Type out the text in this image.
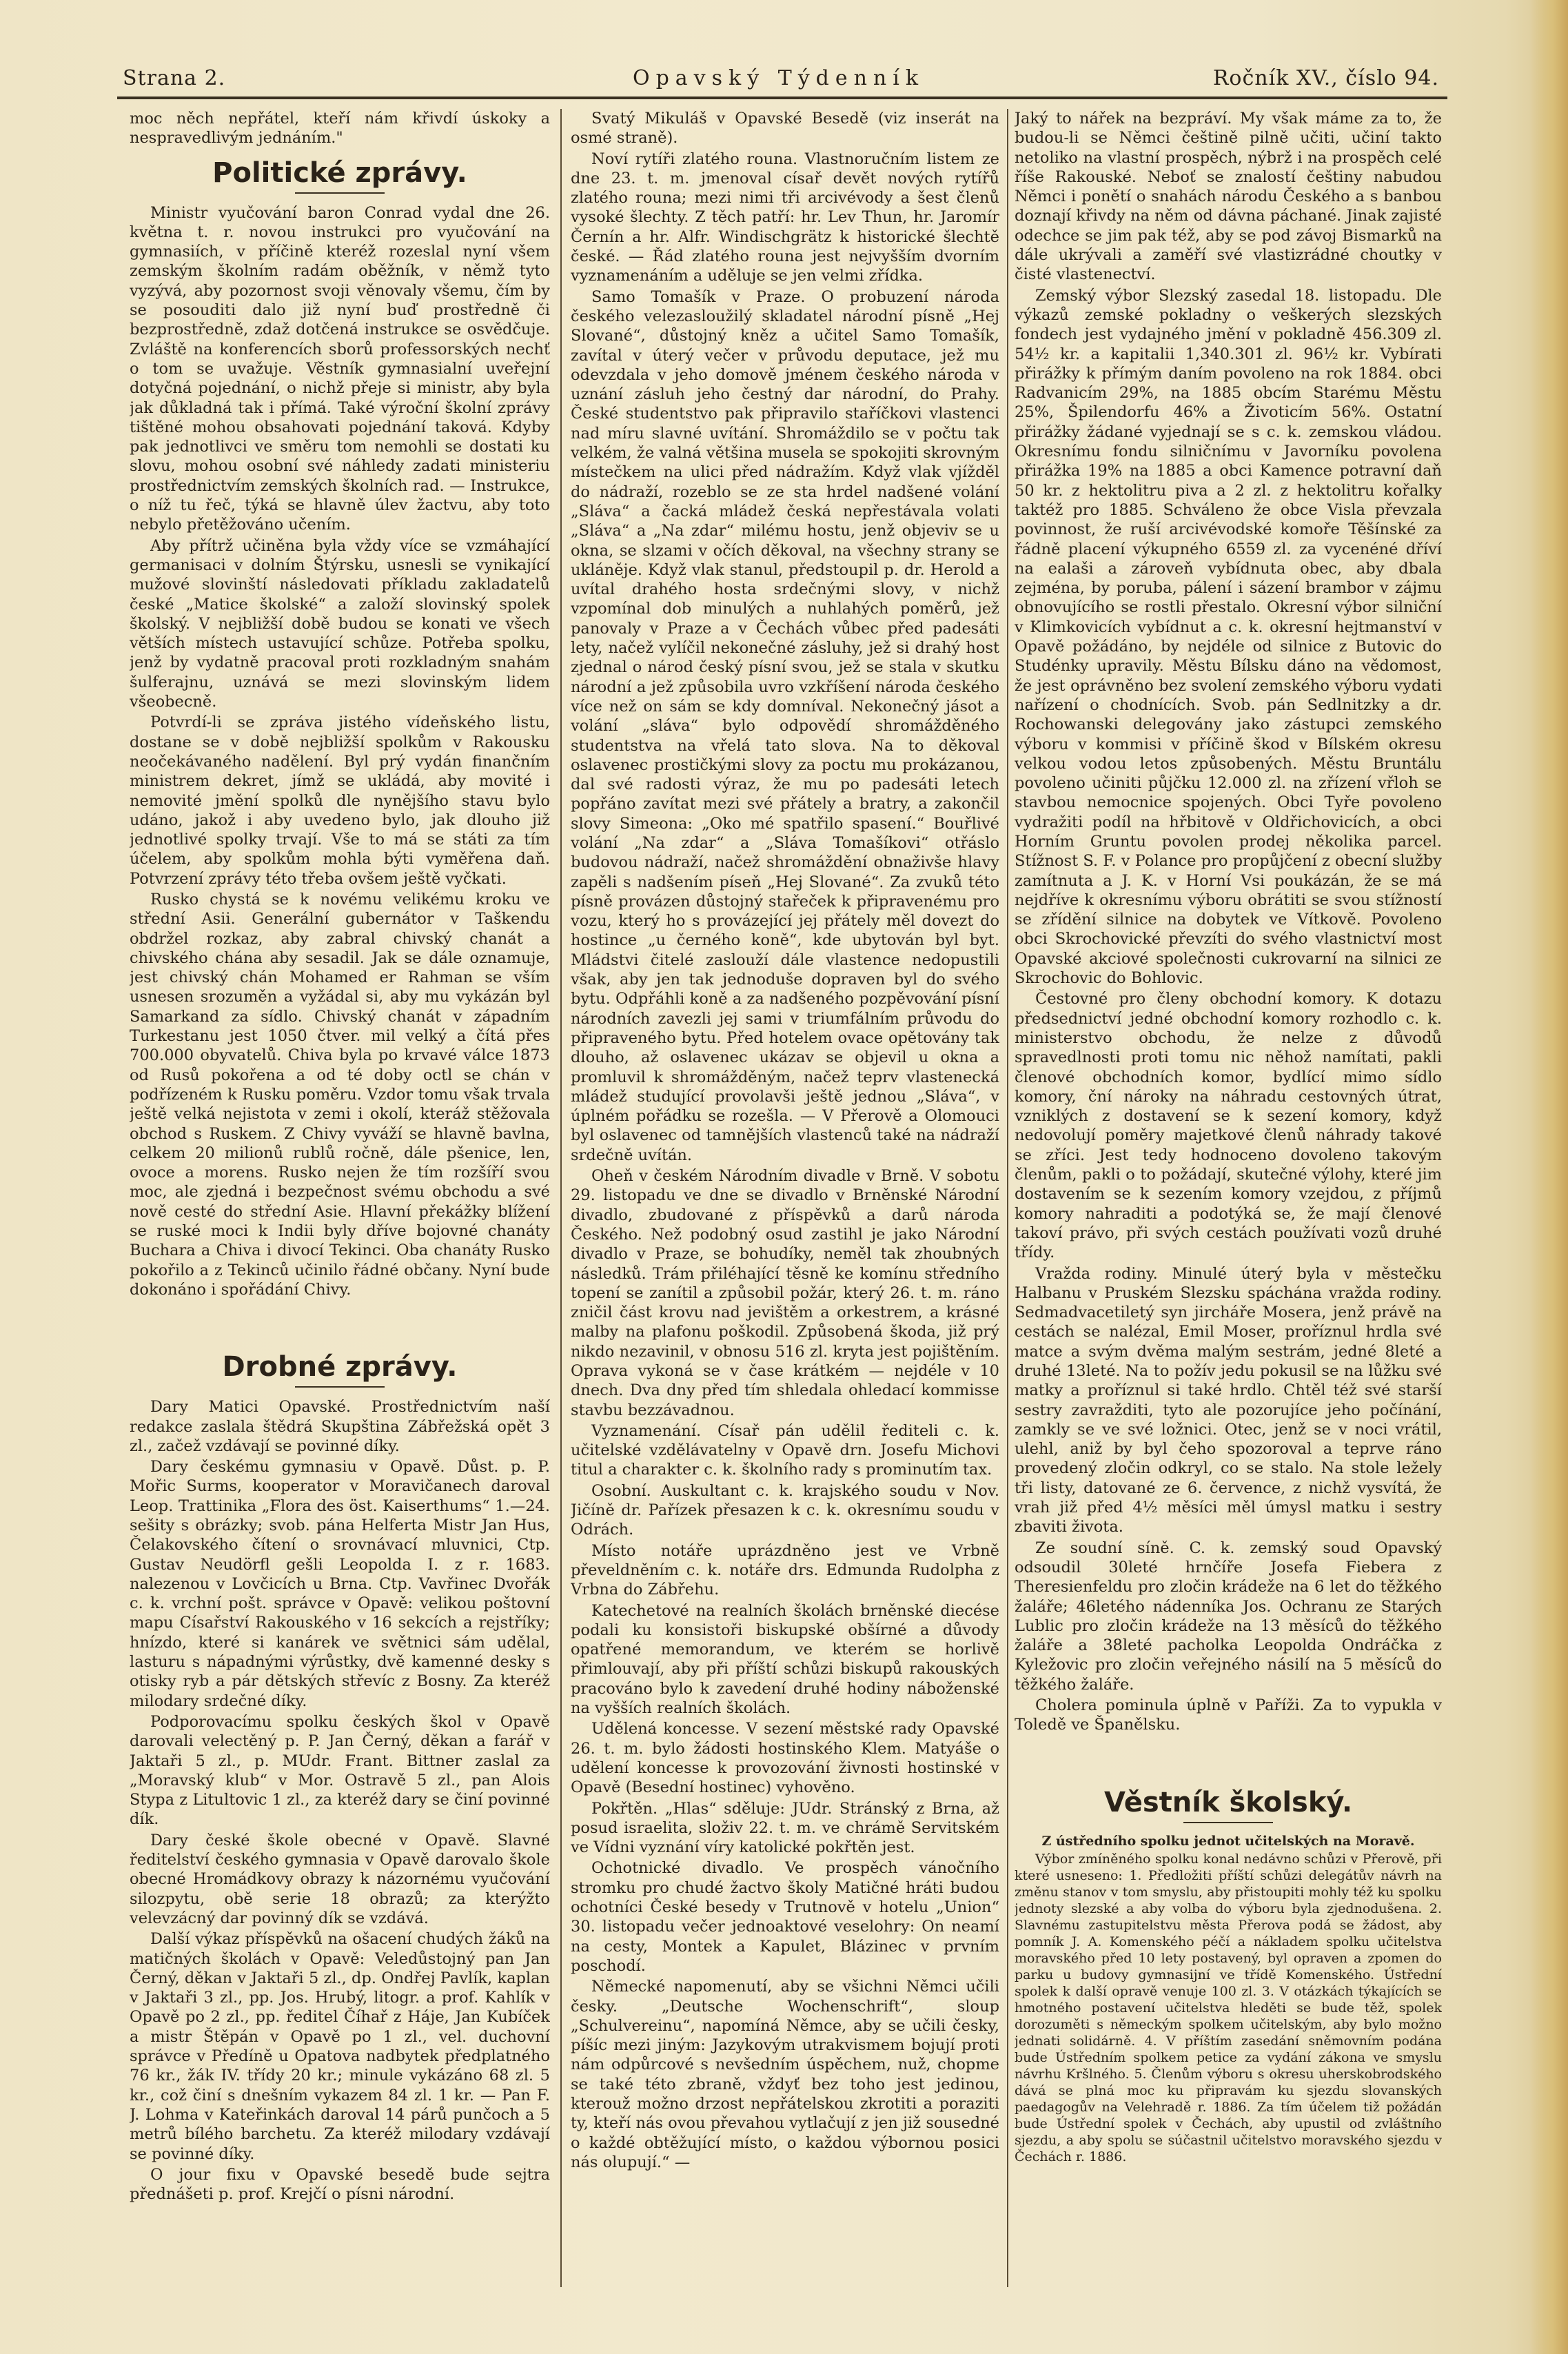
Strana 2.	Opavský Týdenník	Ročník XV., číslo 94.

moc něch nepřátel, kteří nám křivdí úskoky a nespravedlivým jednáním."

Politické zprávy.

Ministr vyučování baron Conrad vydal dne 26. května t. r. novou instrukci pro vyučování na gymnasiích, v příčině kteréž rozeslal nyní všem zemským školním radám oběžník, v němž tyto vyzývá, aby pozornost svoji věnovaly všemu, čím by se posouditi dalo již nyní buď prostředně či bezprostředně, zdaž dotčená instrukce se osvědčuje. Zvláště na konferencích sborů professorských nechť o tom se uvažuje. Věstník gymnasialní uveřejní dotyčná pojednání, o nichž přeje si ministr, aby byla jak důkladná tak i přímá. Také výroční školní zprávy tištěné mohou obsahovati pojednání taková. Kdyby pak jednotlivci ve směru tom nemohli se dostati ku slovu, mohou osobní své náhledy zadati ministeriu prostřednictvím zemských školních rad. — Instrukce, o níž tu řeč, týká se hlavně úlev žactvu, aby toto nebylo přetěžováno učením.

Aby přítrž učiněna byla vždy více se vzmáhající germanisaci v dolním Štýrsku, usnesli se vynikající mužové slovinští následovati příkladu zakladatelů české „Matice školské“ a založí slovinský spolek školský. V nejbližší době budou se konati ve všech větších místech ustavující schůze. Potřeba spolku, jenž by vydatně pracoval proti rozkladným snahám šulferajnu, uznává se mezi slovinským lidem všeobecně.

Potvrdí-li se zpráva jistého vídeňského listu, dostane se v době nejbližší spolkům v Rakousku neočekávaného nadělení. Byl prý vydán finančním ministrem dekret, jímž se ukládá, aby movité i nemovité jmění spolků dle nynějšího stavu bylo udáno, jakož i aby uvedeno bylo, jak dlouho již jednotlivé spolky trvají. Vše to má se státi za tím účelem, aby spolkům mohla býti vyměřena daň. Potvrzení zprávy této třeba ovšem ještě vyčkati.

Rusko chystá se k novému velikému kroku ve střední Asii. Generální gubernátor v Taškendu obdržel rozkaz, aby zabral chivský chanát a chivského chána aby sesadil. Jak se dále oznamuje, jest chivský chán Mohamed er Rahman se vším usnesen srozuměn a vyžádal si, aby mu vykázán byl Samarkand za sídlo. Chivský chanát v západním Turkestanu jest 1050 čtver. mil velký a čítá přes 700.000 obyvatelů. Chiva byla po krvavé válce 1873 od Rusů pokořena a od té doby octl se chán v podřízeném k Rusku poměru. Vzdor tomu však trvala ještě velká nejistota v zemi i okolí, kteráž stěžovala obchod s Ruskem. Z Chivy vyváží se hlavně bavlna, celkem 20 milionů rublů ročně, dále pšenice, len, ovoce a morens. Rusko nejen že tím rozšíří svou moc, ale zjedná i bezpečnost svému obchodu a své nově cesté do střední Asie. Hlavní překážky blížení se ruské moci k Indii byly dříve bojovné chanáty Buchara a Chiva i divocí Tekinci. Oba chanáty Rusko pokořilo a z Tekinců učinilo řádné občany. Nyní bude dokonáno i spořádání Chivy.

Drobné zprávy.

Dary Matici Opavské. Prostřednictvím naší redakce zaslala štědrá Skupština Zábřežská opět 3 zl., začež vzdávají se povinné díky.

Dary českému gymnasiu v Opavě. Důst. p. P. Mořic Surms, kooperator v Moravičanech daroval Leop. Trattinika „Flora des öst. Kaiserthums“ 1.—24. sešity s obrázky; svob. pána Helferta Mistr Jan Hus, Čelakovského čítení o srovnávací mluvnici, Ctp. Gustav Neudörfl gešli Leopolda I. z r. 1683. nalezenou v Lovčicích u Brna. Ctp. Vavřinec Dvořák c. k. vrchní pošt. správce v Opavě: velikou poštovní mapu Císařství Rakouského v 16 sekcích a rejstříky; hnízdo, které si kanárek ve světnici sám udělal, lasturu s nápadnými výrůstky, dvě kamenné desky s otisky ryb a pár dětských střevíc z Bosny. Za kteréž milodary srdečné díky.

Podporovacímu spolku českých škol v Opavě darovali velectěný p. P. Jan Černý, děkan a farář v Jaktaři 5 zl., p. MUdr. Frant. Bittner zaslal za „Moravský klub“ v Mor. Ostravě 5 zl., pan Alois Stypa z Litultovic 1 zl., za kteréž dary se činí povinné dík.

Dary české škole obecné v Opavě. Slavné ředitelství českého gymnasia v Opavě darovalo škole obecné Hromádkovy obrazy k názornému vyučování silozpytu, obě serie 18 obrazů; za kterýžto velevzácný dar povinný dík se vzdává.

Další výkaz příspěvků na ošacení chudých žáků na matičných školách v Opavě: Veledůstojný pan Jan Černý, děkan v Jaktaři 5 zl., dp. Ondřej Pavlík, kaplan v Jaktaři 3 zl., pp. Jos. Hrubý, litogr. a prof. Kahlík v Opavě po 2 zl., pp. ředitel Číhař z Háje, Jan Kubíček a mistr Štěpán v Opavě po 1 zl., vel. duchovní správce v Předíně u Opatova nadbytek předplatného 76 kr., žák IV. třídy 20 kr.; minule vykázáno 68 zl. 5 kr., což činí s dnešním vykazem 84 zl. 1 kr. — Pan F. J. Lohma v Kateřinkách daroval 14 párů punčoch a 5 metrů bílého barchetu. Za kteréž milodary vzdávají se povinné díky.

O jour fixu v Opavské besedě bude sejtra přednášeti p. prof. Krejčí o písni národní.

Svatý Mikuláš v Opavské Besedě (viz inserát na osmé straně).

Noví rytíři zlatého rouna. Vlastnoručním listem ze dne 23. t. m. jmenoval císař devět nových rytířů zlatého rouna; mezi nimi tři arcivévody a šest členů vysoké šlechty. Z těch patří: hr. Lev Thun, hr. Jaromír Černín a hr. Alfr. Windischgrätz k historické šlechtě české. — Řád zlatého rouna jest nejvyšším dvorním vyznamenáním a uděluje se jen velmi zřídka.

Samo Tomašík v Praze. O probuzení národa českého velezasloužilý skladatel národní písně „Hej Slované“, důstojný kněz a učitel Samo Tomašík, zavítal v úterý večer v průvodu deputace, jež mu odevzdala v jeho domově jménem českého národa v uznání zásluh jeho čestný dar národní, do Prahy. České studentstvo pak připravilo staříčkovi vlastenci nad míru slavné uvítání. Shromáždilo se v počtu tak velkém, že valná většina musela se spokojiti skrovným místečkem na ulici před nádražím. Když vlak vjížděl do nádraží, rozeblo se ze sta hrdel nadšené volání „Sláva“ a čacká mládež česká nepřestávala volati „Sláva“ a „Na zdar“ milému hostu, jenž objeviv se u okna, se slzami v očích děkoval, na všechny strany se ukláněje. Když vlak stanul, předstoupil p. dr. Herold a uvítal drahého hosta srdečnými slovy, v nichž vzpomínal dob minulých a nuhlahých poměrů, jež panovaly v Praze a v Čechách vůbec před padesáti lety, načež vylíčil nekonečné zásluhy, jež si drahý host zjednal o národ český písní svou, jež se stala v skutku národní a jež způsobila uvro vzkříšení národa českého více než on sám se kdy domníval. Nekonečný jásot a volání „sláva“ bylo odpovědí shromážděného studentstva na vřelá tato slova. Na to děkoval oslavenec prostičkými slovy za poctu mu prokázanou, dal své radosti výraz, že mu po padesáti letech popřáno zavítat mezi své přátely a bratry, a zakončil slovy Simeona: „Oko mé spatřilo spasení.“ Bouřlivé volání „Na zdar“ a „Sláva Tomašíkovi“ otřáslo budovou nádraží, načež shromáždění obnaživše hlavy zapěli s nadšením píseň „Hej Slované“. Za zvuků této písně provázen důstojný stařeček k připravenému pro vozu, který ho s provázející jej přátely měl dovezt do hostince „u černého koně“, kde ubytován byl byt. Mládstvi čitelé zaslouží dále vlastence nedopustili však, aby jen tak jednoduše dopraven byl do svého bytu. Odpřáhli koně a za nadšeného pozpěvování písní národních zavezli jej sami v triumfálním průvodu do připraveného bytu. Před hotelem ovace opětovány tak dlouho, až oslavenec ukázav se objevil u okna a promluvil k shromážděným, načež teprv vlastenecká mládež studující provolavši ještě jednou „Sláva“, v úplném pořádku se rozešla. — V Přerově a Olomouci byl oslavenec od tamnějších vlastenců také na nádraží srdečně uvítán.

Oheň v českém Národním divadle v Brně. V sobotu 29. listopadu ve dne se divadlo v Brněnské Národní divadlo, zbudované z příspěvků a darů národa Českého. Než podobný osud zastihl je jako Národní divadlo v Praze, se bohudíky, neměl tak zhoubných následků. Trám přiléhající těsně ke komínu středního topení se zanítil a způsobil požár, který 26. t. m. ráno zničil část krovu nad jevištěm a orkestrem, a krásné malby na plafonu poškodil. Způsobená škoda, již prý nikdo nezavinil, v obnosu 516 zl. kryta jest pojištěním. Oprava vykoná se v čase krátkém — nejdéle v 10 dnech. Dva dny před tím shledala ohledací kommisse stavbu bezzávadnou.

Vyznamenání. Císař pán udělil řediteli c. k. učitelské vzdělávatelny v Opavě drn. Josefu Michovi titul a charakter c. k. školního rady s prominutím tax.

Osobní. Auskultant c. k. krajského soudu v Nov. Jičíně dr. Pařízek přesazen k c. k. okresnímu soudu v Odrách.

Místo notáře uprázdněno jest ve Vrbně převeldněním c. k. notáře drs. Edmunda Rudolpha z Vrbna do Zábřehu.

Katechetové na realních školách brněnské diecése podali ku konsistoři biskupské obšírné a důvody opatřené memorandum, ve kterém se horlivě přimlouvají, aby při příští schůzi biskupů rakouských pracováno bylo k zavedení druhé hodiny náboženské na vyšších realních školách.

Udělená koncesse. V sezení městské rady Opavské 26. t. m. bylo žádosti hostinského Klem. Matyáše o udělení koncesse k provozování živnosti hostinské v Opavě (Besední hostinec) vyhověno.

Pokřtěn. „Hlas“ sděluje: JUdr. Stránský z Brna, až posud israelita, složiv 22. t. m. ve chrámě Servitském ve Vídni vyznání víry katolické pokřtěn jest.

Ochotnické divadlo. Ve prospěch vánočního stromku pro chudé žactvo školy Matičné hráti budou ochotníci České besedy v Trutnově v hotelu „Union“ 30. listopadu večer jednoaktové veselohry: On neamí na cesty, Montek a Kapulet, Blázinec v prvním poschodí.

Německé napomenutí, aby se všichni Němci učili česky. „Deutsche Wochenschrift“, sloup „Schulvereinu“, napomíná Němce, aby se učili česky, píšíc mezi jiným: Jazykovým utrakvismem bojují proti nám odpůrcové s nevšedním úspěchem, nuž, chopme se také této zbraně, vždyť bez toho jest jedinou, kterouž možno drzost nepřátelskou zkrotiti a poraziti ty, kteří nás ovou převahou vytlačují z jen již sousedné o každé obtěžující místo, o každou výbornou posici nás olupují.“ —

Jaký to nářek na bezpráví. My však máme za to, že budou-li se Němci češtině pilně učiti, učiní takto netoliko na vlastní prospěch, nýbrž i na prospěch celé říše Rakouské. Neboť se znalostí češtiny nabudou Němci i ponětí o snahách národu Českého a s banbou doznají křivdy na něm od dávna páchané. Jinak zajisté odechce se jim pak též, aby se pod závoj Bismarků na dále ukrývali a zaměří své vlastizrádné choutky v čisté vlastenectví.

Zemský výbor Slezský zasedal 18. listopadu. Dle výkazů zemské pokladny o veškerých slezských fondech jest vydajného jmění v pokladně 456.309 zl. 54½ kr. a kapitalii 1,340.301 zl. 96½ kr. Vybírati přirážky k přímým daním povoleno na rok 1884. obci Radvanicím 29%, na 1885 obcím Starému Městu 25%, Špilendorfu 46% a Životicím 56%. Ostatní přirážky žádané vyjednají se s c. k. zemskou vládou. Okresnímu fondu silničnímu v Javorníku povolena přirážka 19% na 1885 a obci Kamence potravní daň 50 kr. z hektolitru piva a 2 zl. z hektolitru kořalky taktéž pro 1885. Schváleno že obce Visla převzala povinnost, že ruší arcivévodské komoře Těšínské za řádně placení výkupného 6559 zl. za vycenéné dříví na ealaši a zároveň vybídnuta obec, aby dbala zejména, by poruba, pálení i sázení brambor v zájmu obnovujícího se rostli přestalo. Okresní výbor silniční v Klimkovicích vybídnut a c. k. okresní hejtmanství v Opavě požádáno, by nejdéle od silnice z Butovic do Studénky upravily. Městu Bílsku dáno na vědomost, že jest oprávněno bez svolení zemského výboru vydati nařízení o chodnících. Svob. pán Sedlnitzky a dr. Rochowanski delegovány jako zástupci zemského výboru v kommisi v příčině škod v Bílském okresu velkou vodou letos způsobených. Městu Bruntálu povoleno učiniti půjčku 12.000 zl. na zřízení vřloh se stavbou nemocnice spojených. Obci Tyře povoleno vydražiti podíl na hřbitově v Oldřichovicích, a obci Horním Gruntu povolen prodej několika parcel. Stížnost S. F. v Polance pro propůjčení z obecní služby zamítnuta a J. K. v Horní Vsi poukázán, že se má nejdříve k okresnímu výboru obrátiti se svou stížností se zřídění silnice na dobytek ve Vítkově. Povoleno obci Skrochovické převzíti do svého vlastnictví most Opavské akciové společnosti cukrovarní na silnici ze Skrochovic do Bohlovic.

Čestovné pro členy obchodní komory. K dotazu předsednictví jedné obchodní komory rozhodlo c. k. ministerstvo obchodu, že nelze z důvodů spravedlnosti proti tomu nic něhož namítati, pakli členové obchodních komor, bydlící mimo sídlo komory, ční nároky na náhradu cestovných útrat, vzniklých z dostavení se k sezení komory, když nedovolují poměry majetkové členů náhrady takové se zříci. Jest tedy hodnoceno dovoleno takovým členům, pakli o to požádají, skutečné výlohy, které jim dostavením se k sezením komory vzejdou, z příjmů komory nahraditi a podotýká se, že mají členové takoví právo, při svých cestách používati vozů druhé třídy.

Vražda rodiny. Minulé úterý byla v městečku Halbanu v Pruském Slezsku spáchána vražda rodiny. Sedmadvacetiletý syn jircháře Mosera, jenž právě na cestách se nalézal, Emil Moser, proříznul hrdla své matce a svým dvěma malým sestrám, jedné 8leté a druhé 13leté. Na to požív jedu pokusil se na lůžku své matky a proříznul si také hrdlo. Chtěl též své starší sestry zavražditi, tyto ale pozorujíce jeho počínání, zamkly se ve své ložnici. Otec, jenž se v noci vrátil, ulehl, aniž by byl čeho spozoroval a teprve ráno provedený zločin odkryl, co se stalo. Na stole ležely tři listy, datované ze 6. července, z nichž vysvítá, že vrah již před 4½ měsíci měl úmysl matku i sestry zbaviti života.

Ze soudní síně. C. k. zemský soud Opavský odsoudil 30leté hrnčíře Josefa Fiebera z Theresienfeldu pro zločin krádeže na 6 let do těžkého žaláře; 46letého nádenníka Jos. Ochranu ze Starých Lublic pro zločin krádeže na 13 měsíců do těžkého žaláře a 38leté pacholka Leopolda Ondráčka z Kyležovic pro zločin veřejného násilí na 5 měsíců do těžkého žaláře.

Cholera pominula úplně v Paříži. Za to vypukla v Toledě ve Španělsku.

Věstník školský.

Z ústředního spolku jednot učitelských na Moravě.

Výbor zmíněného spolku konal nedávno schůzi v Přerově, při které usneseno: 1. Předložiti příští schůzi delegátův návrh na změnu stanov v tom smyslu, aby přistoupiti mohly též ku spolku jednoty slezské a aby volba do výboru byla zjednodušena. 2. Slavnému zastupitelstvu města Přerova podá se žádost, aby pomník J. A. Komenského péčí a nákladem spolku učitelstva moravského před 10 lety postavený, byl opraven a zpomen do parku u budovy gymnasijní ve třídě Komenského. Ústřední spolek k další opravě venuje 100 zl. 3. V otázkách týkajících se hmotného postavení učitelstva hleděti se bude těž, spolek dorozuměti s německým spolkem učitelským, aby bylo možno jednati solidárně. 4. V příštím zasedání sněmovním podána bude Ústředním spolkem petice za vydání zákona ve smyslu návrhu Kršlného. 5. Členům výboru s okresu uherskobrodského dává se plná moc ku připravám ku sjezdu slovanských paedagogův na Velehradě r. 1886. Za tím účelem tiž požádán bude Ústřední spolek v Čechách, aby upustil od zvláštního sjezdu, a aby spolu se súčastnil učitelstvo moravského sjezdu v Čechách r. 1886.
